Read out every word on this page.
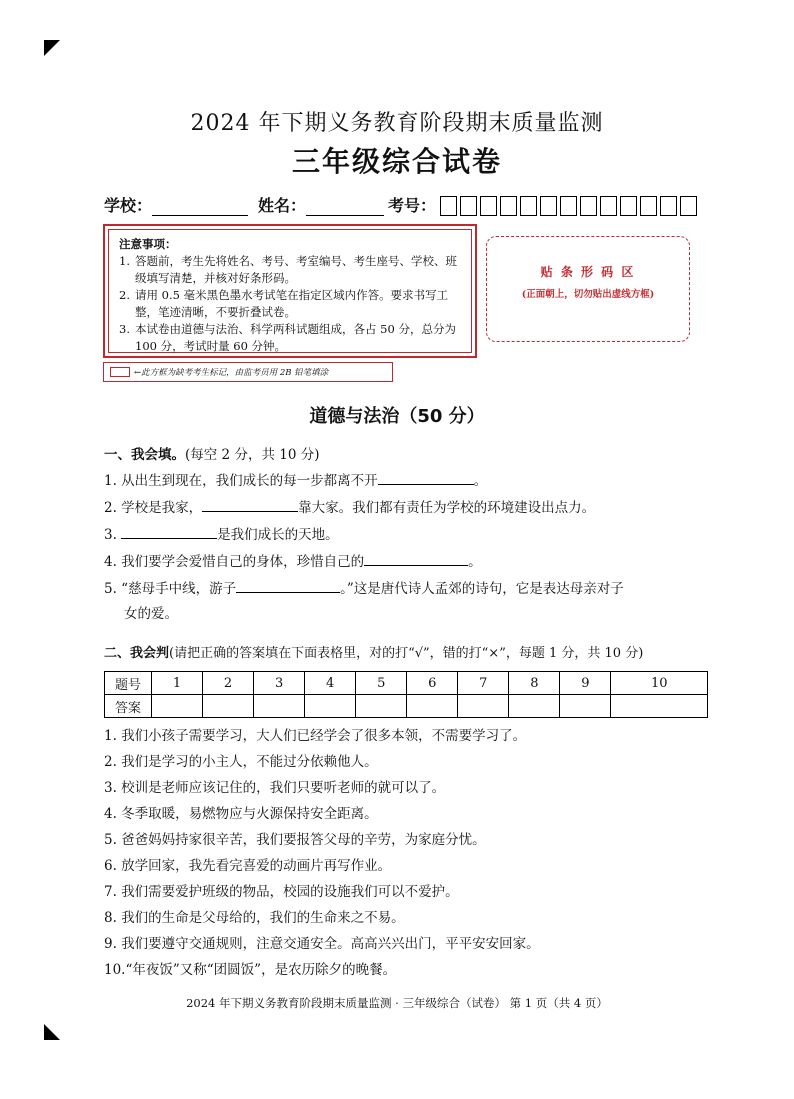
2024 年下期义务教育阶段期末质量监测
三年级综合试卷
学校：	姓名：	考号：
注意事项：
1. 答题前，考生先将姓名、考号、考室编号、考生座号、学校、班级填写清楚，并核对好条形码。
2. 请用 0.5 毫米黑色墨水考试笔在指定区域内作答。要求书写工整，笔迹清晰，不要折叠试卷。
3. 本试卷由道德与法治、科学两科试题组成，各占 50 分，总分为 100 分，考试时量 60 分钟。
贴 条 形 码 区
(正面朝上，切勿贴出虚线方框)
←此方框为缺考考生标记，由监考员用 2B 铅笔填涂
道德与法治（50 分）
一、我会填。(每空 2 分，共 10 分)
1. 从出生到现在，我们成长的每一步都离不开	。
2. 学校是我家，	靠大家。我们都有责任为学校的环境建设出点力。
3.	是我们成长的天地。
4. 我们要学会爱惜自己的身体，珍惜自己的	。
5. “慈母手中线，游子	。”这是唐代诗人孟郊的诗句，它是表达母亲对子
女的爱。
二、我会判(请把正确的答案填在下面表格里，对的打“√”，错的打“×”，每题 1 分，共 10 分)
题号	1	2	3	4	5	6	7	8	9	10
答案										
1. 我们小孩子需要学习，大人们已经学会了很多本领，不需要学习了。
2. 我们是学习的小主人，不能过分依赖他人。
3. 校训是老师应该记住的，我们只要听老师的就可以了。
4. 冬季取暖，易燃物应与火源保持安全距离。
5. 爸爸妈妈持家很辛苦，我们要报答父母的辛劳，为家庭分忧。
6. 放学回家，我先看完喜爱的动画片再写作业。
7. 我们需要爱护班级的物品，校园的设施我们可以不爱护。
8. 我们的生命是父母给的，我们的生命来之不易。
9. 我们要遵守交通规则，注意交通安全。高高兴兴出门，平平安安回家。
10.“年夜饭”又称“团圆饭”，是农历除夕的晚餐。
2024 年下期义务教育阶段期末质量监测 · 三年级综合（试卷） 第 1 页（共 4 页）
